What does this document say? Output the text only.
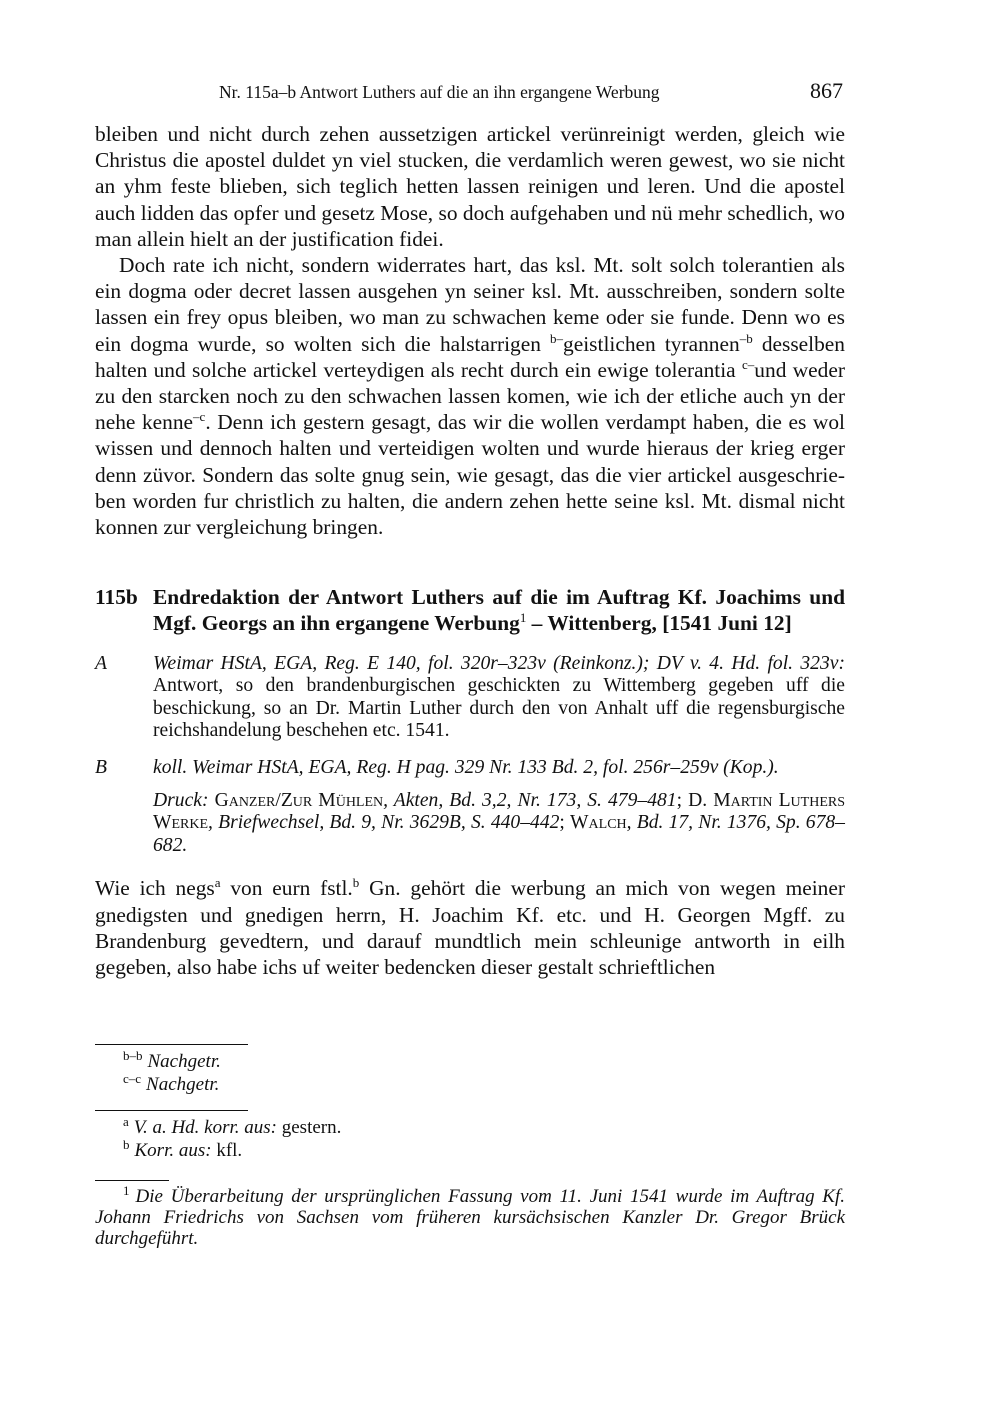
Nr. 115a–b Antwort Luthers auf die an ihn ergangene Werbung	867

bleiben und nicht durch zehen aussetzigen artickel verünreinigt werden, gleich wie Christus die apostel duldet yn viel stucken, die verdamlich weren gewest, wo sie nicht an yhm feste blieben, sich teglich hetten lassen reinigen und leren. Und die apostel auch lidden das opfer und gesetz Mose, so doch aufgehaben und nü mehr schedlich, wo man allein hielt an der justification fidei.

Doch rate ich nicht, sondern widerrates hart, das ksl. Mt. solt solch tolerantien als ein dogma oder decret lassen ausgehen yn seiner ksl. Mt. ausschreiben, sondern solte lassen ein frey opus bleiben, wo man zu schwachen keme oder sie funde. Denn wo es ein dogma wurde, so wolten sich die halstarrigen $^{b-}$geistlichen tyrannen$^{-b}$ desselben halten und solche artickel verteydigen als recht durch ein ewige tolerantia $^{c-}$und weder zu den starcken noch zu den schwachen lassen komen, wie ich der etliche auch yn der nehe kenne$^{-c}$. Denn ich gestern gesagt, das wir die wollen verdampt haben, die es wol wissen und dennoch halten und verteidigen wolten und wurde hieraus der krieg erger denn züvor. Sondern das solte gnug sein, wie gesagt, das die vier artickel ausgeschrieben worden fur christlich zu halten, die andern zehen hette seine ksl. Mt. dismal nicht konnen zur vergleichung bringen.

115b Endredaktion der Antwort Luthers auf die im Auftrag Kf. Joachims und Mgf. Georgs an ihn ergangene Werbung$^1$ – Wittenberg, [1541 Juni 12]
A Weimar HStA, EGA, Reg. E 140, fol. 320r–323v (Reinkonz.); DV v. 4. Hd. fol. 323v: Antwort, so den brandenburgischen geschickten zu Wittemberg gegeben uff die beschickung, so an Dr. Martin Luther durch den von Anhalt uff die regensburgische reichshandelung beschehen etc. 1541.
B koll. Weimar HStA, EGA, Reg. H pag. 329 Nr. 133 Bd. 2, fol. 256r–259v (Kop.).
Druck: Ganzer/Zur Mühlen, Akten, Bd. 3,2, Nr. 173, S. 479–481; D. Martin Luthers Werke, Briefwechsel, Bd. 9, Nr. 3629B, S. 440–442; Walch, Bd. 17, Nr. 1376, Sp. 678–682.

Wie ich negs$^a$ von eurn fstl.$^b$ Gn. gehört die werbung an mich von wegen meiner gnedigsten und gnedigen herrn, H. Joachim Kf. etc. und H. Georgen Mgff. zu Brandenburg gevedtern, und darauf mundtlich mein schleunige antworth in eilh gegeben, also habe ichs uf weiter bedencken dieser gestalt schrieftlichen

$^{b-b}$ Nachgetr.
$^{c-c}$ Nachgetr.
$^a$ V. a. Hd. korr. aus: gestern.
$^b$ Korr. aus: kfl.
$^1$ Die Überarbeitung der ursprünglichen Fassung vom 11. Juni 1541 wurde im Auftrag Kf. Johann Friedrichs von Sachsen vom früheren kursächsischen Kanzler Dr. Gregor Brück durchgeführt.
